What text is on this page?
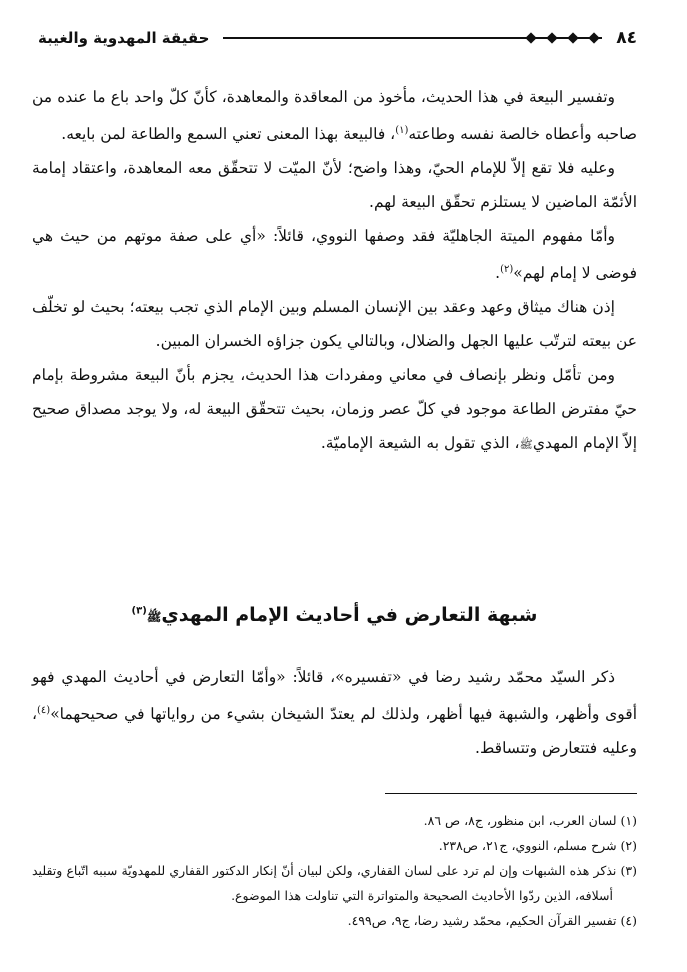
٨٤
حقيقة المهدوية والغيبة

وتفسير البيعة في هذا الحديث، مأخوذ من المعاقدة والمعاهدة، كأنّ كلّ واحد باع ما عنده من صاحبه وأعطاه خالصة نفسه وطاعته$^{(١)}$، فالبيعة بهذا المعنى تعني السمع والطاعة لمن بايعه.

وعليه فلا تقع إلاّ للإمام الحيّ، وهذا واضح؛ لأنّ الميّت لا تتحقّق معه المعاهدة، واعتقاد إمامة الأئمّة الماضين لا يستلزم تحقّق البيعة لهم.

وأمّا مفهوم الميتة الجاهليّة فقد وصفها النووي، قائلاً: «أي على صفة موتهم من حيث هي فوضى لا إمام لهم»$^{(٢)}$.

إذن هناك ميثاق وعهد وعقد بين الإنسان المسلم وبين الإمام الذي تجب بيعته؛ بحيث لو تخلّف عن بيعته لترتّب عليها الجهل والضلال، وبالتالي يكون جزاؤه الخسران المبين.

ومن تأمّل ونظر بإنصاف في معاني ومفردات هذا الحديث، يجزم بأنّ البيعة مشروطة بإمام حيّ مفترض الطاعة موجود في كلّ عصر وزمان، بحيث تتحقّق البيعة له، ولا يوجد مصداق صحيح إلاّ الإمام المهديﷺ، الذي تقول به الشيعة الإماميّة.

شبهة التعارض في أحاديث الإمام المهديﷺ$^{(٣)}$

ذكر السيّد محمّد رشيد رضا في «تفسيره»، قائلاً: «وأمّا التعارض في أحاديث المهدي فهو أقوى وأظهر، والشبهة فيها أظهر، ولذلك لم يعتدّ الشيخان بشيء من رواياتها في صحيحهما»$^{(٤)}$، وعليه فتتعارض وتتساقط.

(١) لسان العرب، ابن منظور، ج٨، ص ٨٦.

(٢) شرح مسلم، النووي، ج٢١، ص٢٣٨.

(٣) نذكر هذه الشبهات وإن لم ترد على لسان القفاري، ولكن لبيان أنّ إنكار الدكتور القفاري للمهدويّة سببه اتّباع وتقليد أسلافه، الذين ردّوا الأحاديث الصحيحة والمتواترة التي تناولت هذا الموضوع.

(٤) تفسير القرآن الحكيم، محمّد رشيد رضا، ج٩، ص٤٩٩.
